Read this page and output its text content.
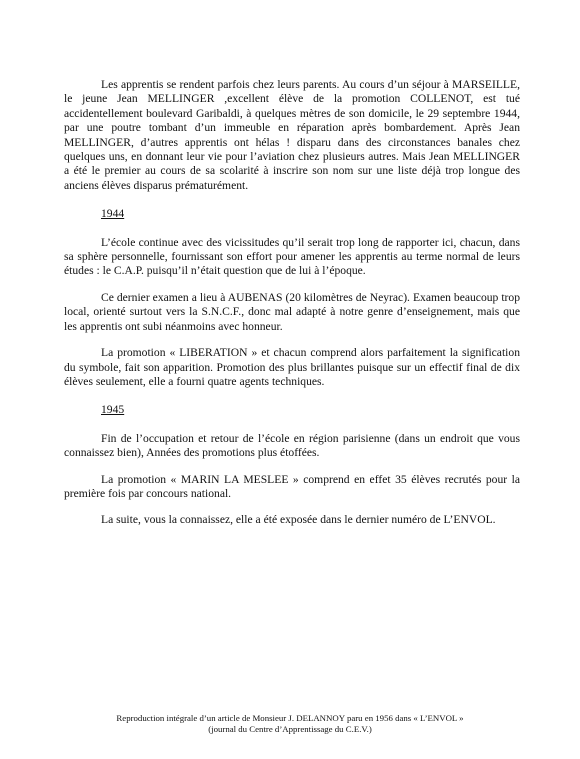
Les apprentis se rendent parfois chez leurs parents. Au cours d’un séjour à MARSEILLE, le jeune Jean MELLINGER ,excellent élève de la promotion COLLENOT, est tué accidentellement boulevard Garibaldi, à quelques mètres de son domicile, le 29 septembre 1944, par une poutre tombant d’un immeuble en réparation après bombardement. Après Jean MELLINGER, d’autres apprentis ont hélas ! disparu dans des circonstances banales chez quelques uns, en donnant leur vie pour l’aviation chez plusieurs autres. Mais Jean MELLINGER a été le premier au cours de sa scolarité à inscrire son nom sur une liste déjà trop longue des anciens élèves disparus prématurément.

1944

L’école continue avec des vicissitudes qu’il serait trop long de rapporter ici, chacun, dans sa sphère personnelle, fournissant son effort pour amener les apprentis au terme normal de leurs études : le C.A.P. puisqu’il n’était question que de lui à l’époque.

Ce dernier examen a lieu à AUBENAS (20 kilomètres de Neyrac). Examen beaucoup trop local, orienté surtout vers la S.N.C.F., donc mal adapté à notre genre d’enseignement, mais que les apprentis ont subi néanmoins avec honneur.

La promotion « LIBERATION » et chacun comprend alors parfaitement la signification du symbole, fait son apparition. Promotion des plus brillantes puisque sur un effectif final de dix élèves seulement, elle a fourni quatre agents techniques.

1945

Fin de l’occupation et retour de l’école en région parisienne (dans un endroit que vous connaissez bien), Années des promotions plus étoffées.

La promotion « MARIN LA MESLEE » comprend en effet 35 élèves recrutés pour la première fois par concours national.

La suite, vous la connaissez, elle a été exposée dans le dernier numéro de L’ENVOL.

Reproduction intégrale d’un article de Monsieur J. DELANNOY paru en 1956 dans « L’ENVOL »

(journal du Centre d’Apprentissage du C.E.V.)
